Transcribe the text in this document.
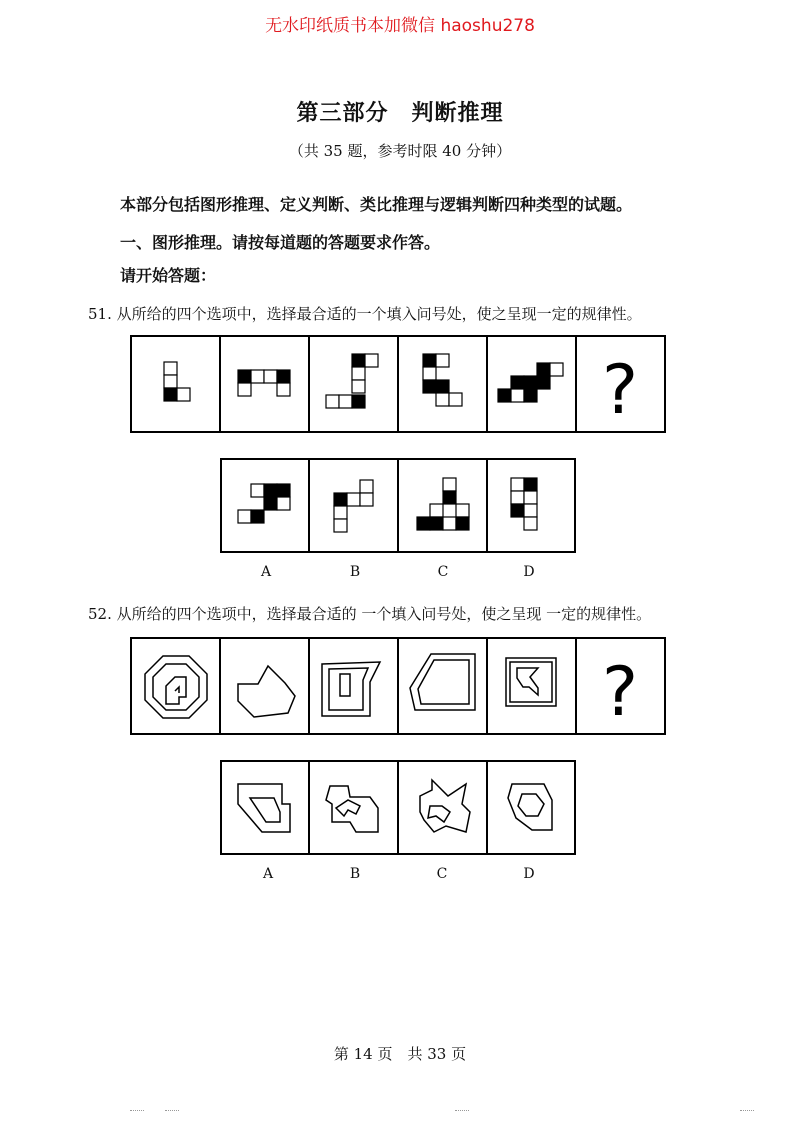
无水印纸质书本加微信 haoshu278
第三部分　判断推理
（共 35 题，参考时限 40 分钟）
本部分包括图形推理、定义判断、类比推理与逻辑判断四种类型的试题。
一、图形推理。请按每道题的答题要求作答。
请开始答题：
51. 从所给的四个选项中，选择最合适的一个填入问号处，使之呈现一定的规律性。
?
A	B	C	D
52. 从所给的四个选项中，选择最合适的 一个填入问号处，使之呈现 一定的规律性。
?
A	B	C	D
第 14 页　共 33 页
